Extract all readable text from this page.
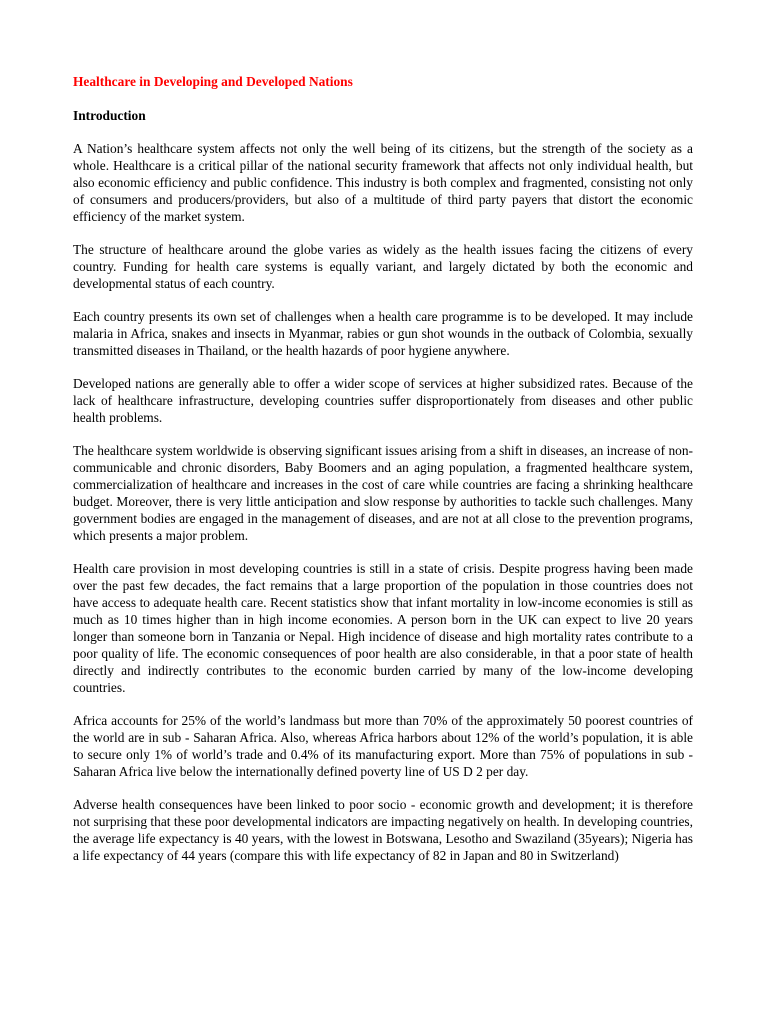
Healthcare in Developing and Developed Nations
Introduction

A Nation’s healthcare system affects not only the well being of its citizens, but the strength of the society as a whole. Healthcare is a critical pillar of the national security framework that affects not only individual health, but also economic efficiency and public confidence. This industry is both complex and fragmented, consisting not only of consumers and producers/providers, but also of a multitude of third party payers that distort the economic efficiency of the market system.

The structure of healthcare around the globe varies as widely as the health issues facing the citizens of every country. Funding for health care systems is equally variant, and largely dictated by both the economic and developmental status of each country.

Each country presents its own set of challenges when a health care programme is to be developed. It may include malaria in Africa, snakes and insects in Myanmar, rabies or gun shot wounds in the outback of Colombia, sexually transmitted diseases in Thailand, or the health hazards of poor hygiene anywhere.

Developed nations are generally able to offer a wider scope of services at higher subsidized rates. Because of the lack of healthcare infrastructure, developing countries suffer disproportionately from diseases and other public health problems.

The healthcare system worldwide is observing significant issues arising from a shift in diseases, an increase of non-communicable and chronic disorders, Baby Boomers and an aging population, a fragmented healthcare system, commercialization of healthcare and increases in the cost of care while countries are facing a shrinking healthcare budget. Moreover, there is very little anticipation and slow response by authorities to tackle such challenges. Many government bodies are engaged in the management of diseases, and are not at all close to the prevention programs, which presents a major problem.

Health care provision in most developing countries is still in a state of crisis. Despite progress having been made over the past few decades, the fact remains that a large proportion of the population in those countries does not have access to adequate health care. Recent statistics show that infant mortality in low-income economies is still as much as 10 times higher than in high income economies. A person born in the UK can expect to live 20 years longer than someone born in Tanzania or Nepal. High incidence of disease and high mortality rates contribute to a poor quality of life. The economic consequences of poor health are also considerable, in that a poor state of health directly and indirectly contributes to the economic burden carried by many of the low-income developing countries.

Africa accounts for 25% of the world’s landmass but more than 70% of the approximately 50 poorest countries of the world are in sub - Saharan Africa. Also, whereas Africa harbors about 12% of the world’s population, it is able to secure only 1% of world’s trade and 0.4% of its manufacturing export. More than 75% of populations in sub -Saharan Africa live below the internationally defined poverty line of US D 2 per day.

Adverse health consequences have been linked to poor socio - economic growth and development; it is therefore not surprising that these poor developmental indicators are impacting negatively on health. In developing countries, the average life expectancy is 40 years, with the lowest in Botswana, Lesotho and Swaziland (35years); Nigeria has a life expectancy of 44 years (compare this with life expectancy of 82 in Japan and 80 in Switzerland)
